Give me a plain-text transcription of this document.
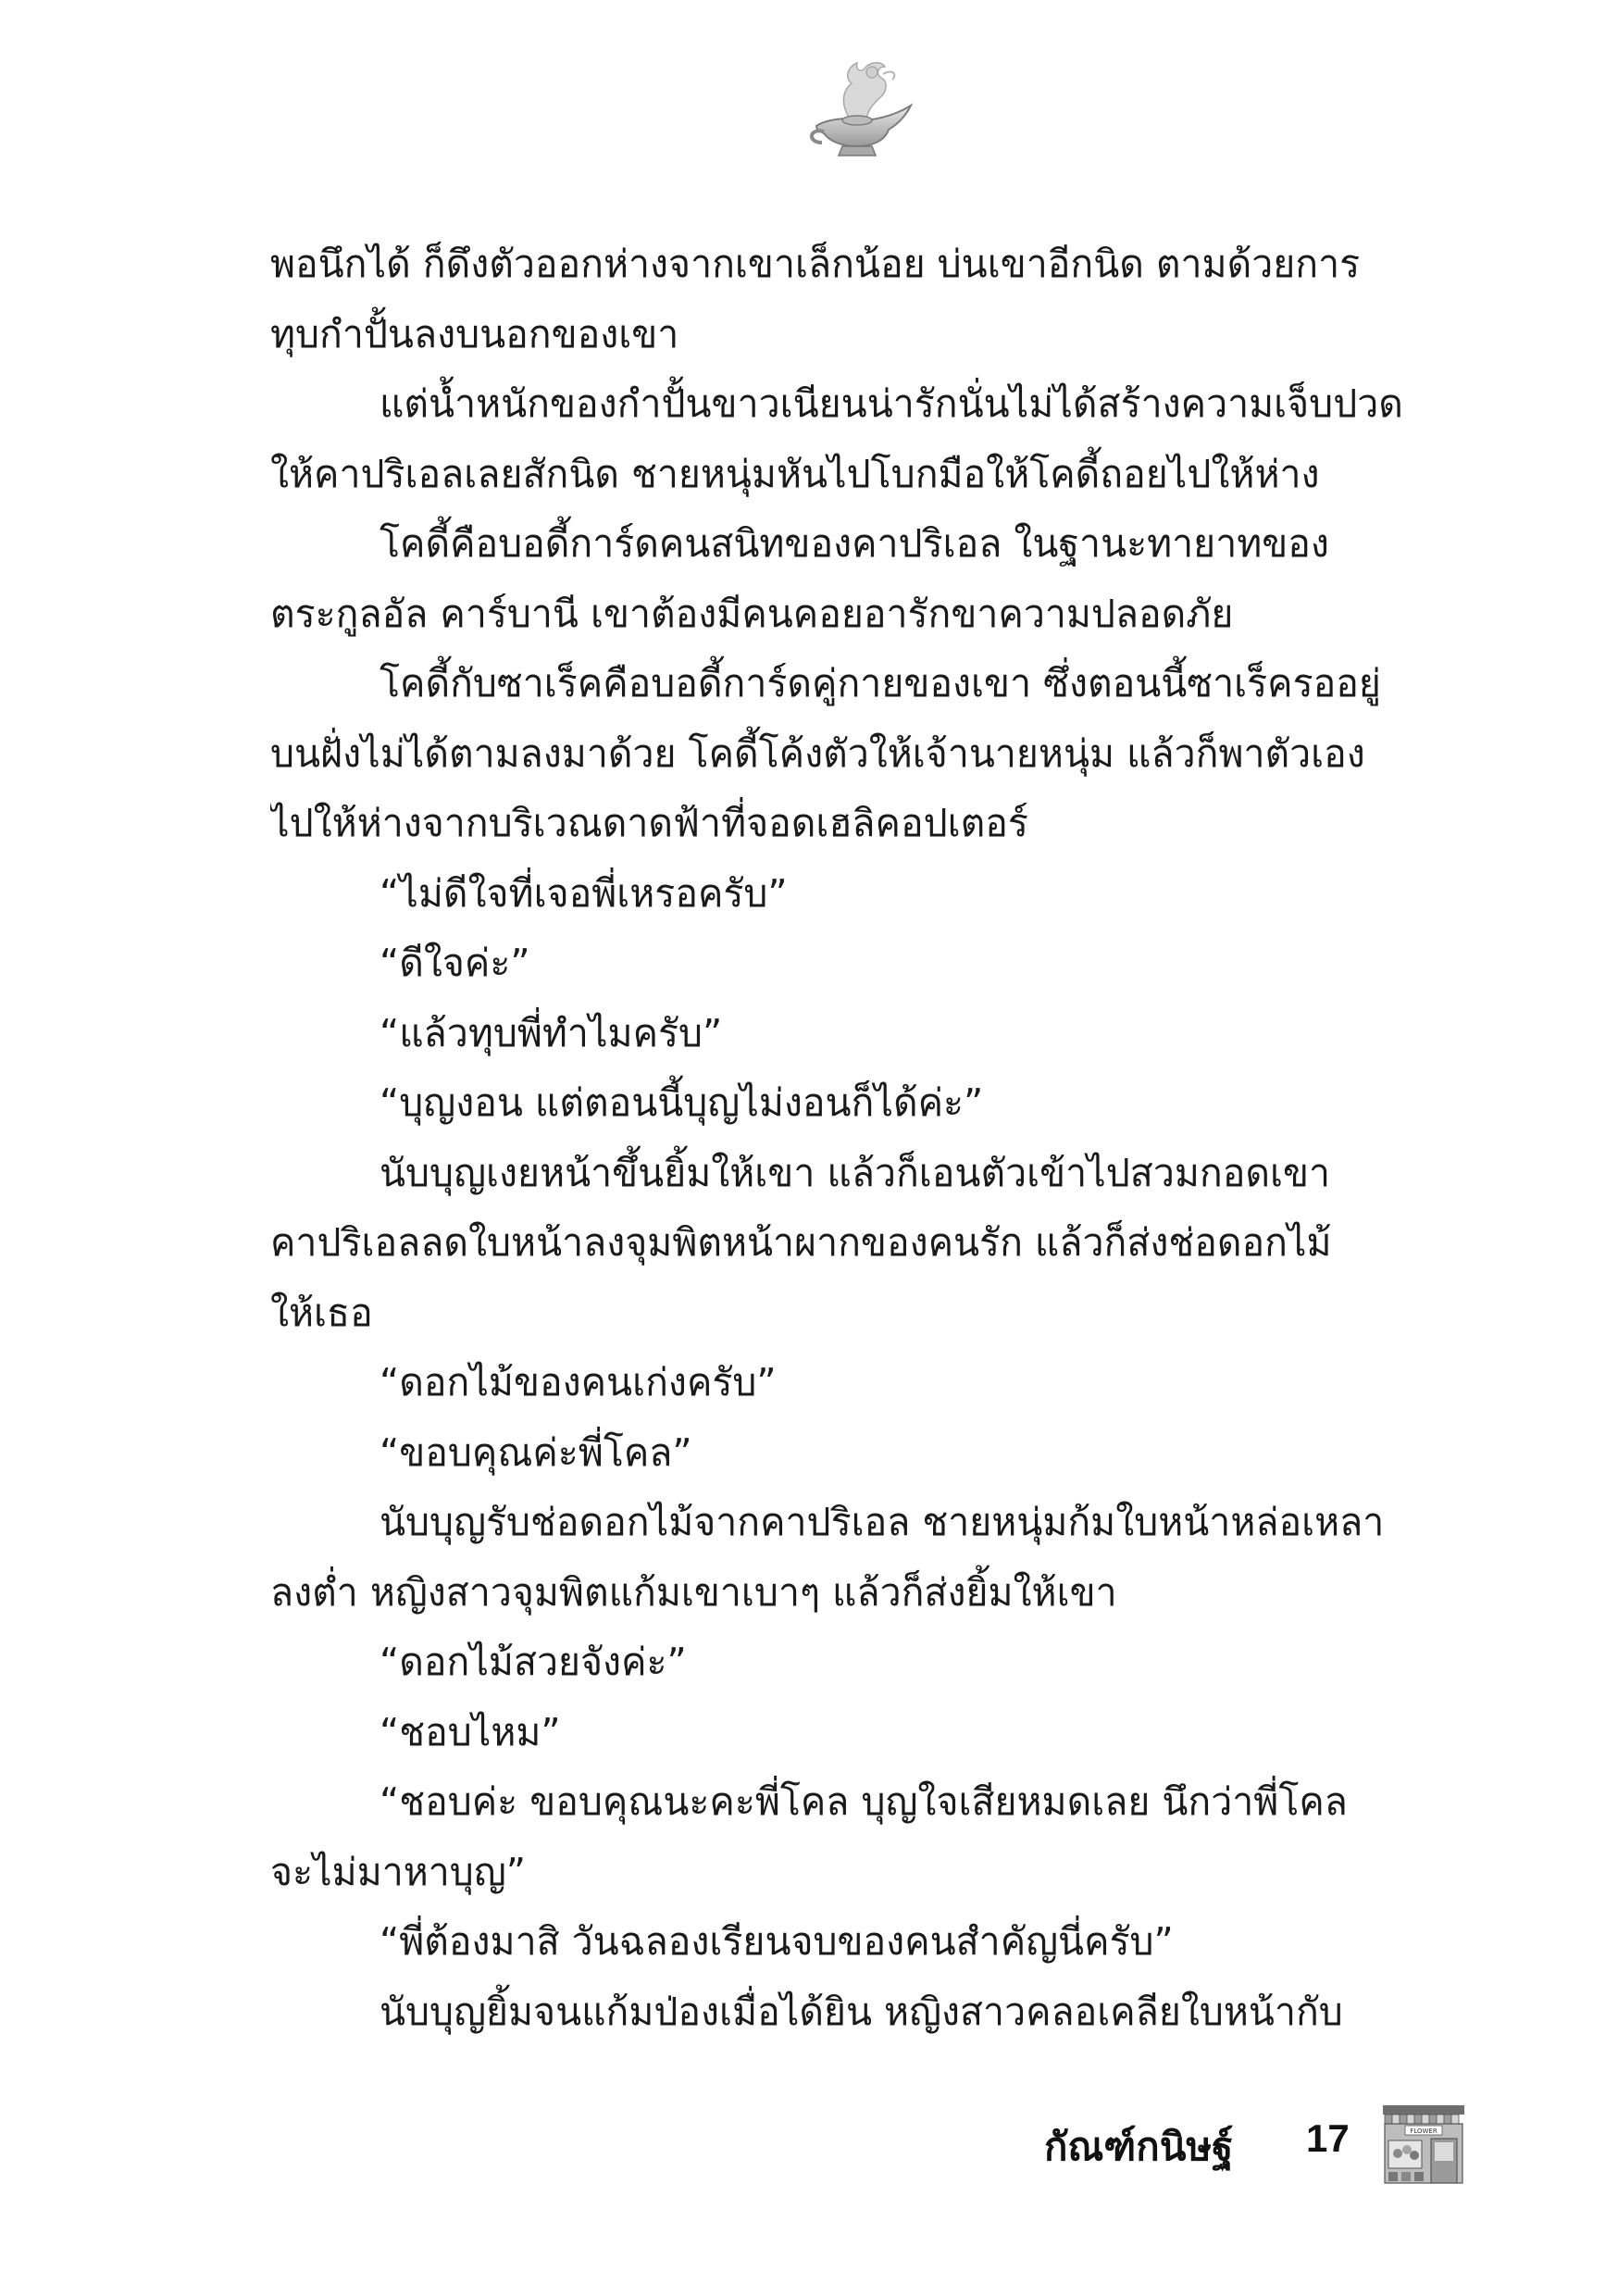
พอนึกได้ ก็ดึงตัวออกห่างจากเขาเล็กน้อย บ่นเขาอีกนิด ตามด้วยการ
ทุบกำปั้นลงบนอกของเขา
แต่น้ำหนักของกำปั้นขาวเนียนน่ารักนั่นไม่ได้สร้างความเจ็บปวด
ให้คาปริเอลเลยสักนิด ชายหนุ่มหันไปโบกมือให้โคดี้ถอยไปให้ห่าง
โคดี้คือบอดี้การ์ดคนสนิทของคาปริเอล ในฐานะทายาทของ
ตระกูลอัล คาร์บานี เขาต้องมีคนคอยอารักขาความปลอดภัย
โคดี้กับซาเร็คคือบอดี้การ์ดคู่กายของเขา ซึ่งตอนนี้ซาเร็ครออยู่
บนฝั่งไม่ได้ตามลงมาด้วย โคดี้โค้งตัวให้เจ้านายหนุ่ม แล้วก็พาตัวเอง
ไปให้ห่างจากบริเวณดาดฟ้าที่จอดเฮลิคอปเตอร์
“ไม่ดีใจที่เจอพี่เหรอครับ”
“ดีใจค่ะ”
“แล้วทุบพี่ทำไมครับ”
“บุญงอน แต่ตอนนี้บุญไม่งอนก็ได้ค่ะ”
นับบุญเงยหน้าขึ้นยิ้มให้เขา แล้วก็เอนตัวเข้าไปสวมกอดเขา
คาปริเอลลดใบหน้าลงจุมพิตหน้าผากของคนรัก แล้วก็ส่งช่อดอกไม้
ให้เธอ
“ดอกไม้ของคนเก่งครับ”
“ขอบคุณค่ะพี่โคล”
นับบุญรับช่อดอกไม้จากคาปริเอล ชายหนุ่มก้มใบหน้าหล่อเหลา
ลงต่ำ หญิงสาวจุมพิตแก้มเขาเบาๆ แล้วก็ส่งยิ้มให้เขา
“ดอกไม้สวยจังค่ะ”
“ชอบไหม”
“ชอบค่ะ ขอบคุณนะคะพี่โคล บุญใจเสียหมดเลย นึกว่าพี่โคล
จะไม่มาหาบุญ”
“พี่ต้องมาสิ วันฉลองเรียนจบของคนสำคัญนี่ครับ”
นับบุญยิ้มจนแก้มป่องเมื่อได้ยิน หญิงสาวคลอเคลียใบหน้ากับ
กัณฑ์กนิษฐ์ 17	FLOWER
